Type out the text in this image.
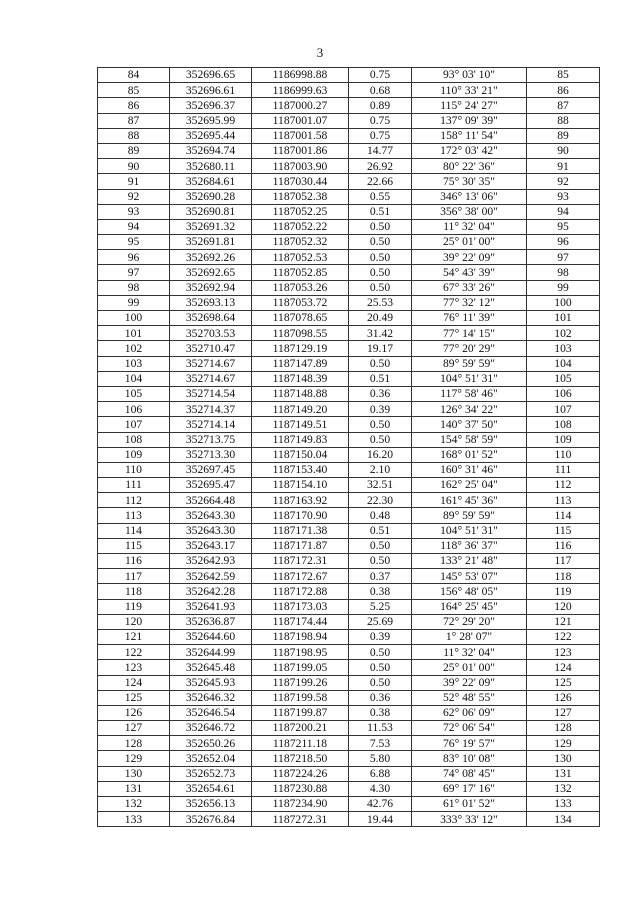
3
84	352696.65	1186998.88	0.75	93° 03' 10"	85
85	352696.61	1186999.63	0.68	110° 33' 21"	86
86	352696.37	1187000.27	0.89	115° 24' 27"	87
87	352695.99	1187001.07	0.75	137° 09' 39"	88
88	352695.44	1187001.58	0.75	158° 11' 54"	89
89	352694.74	1187001.86	14.77	172° 03' 42"	90
90	352680.11	1187003.90	26.92	80° 22' 36"	91
91	352684.61	1187030.44	22.66	75° 30' 35"	92
92	352690.28	1187052.38	0.55	346° 13' 06"	93
93	352690.81	1187052.25	0.51	356° 38' 00"	94
94	352691.32	1187052.22	0.50	11° 32' 04"	95
95	352691.81	1187052.32	0.50	25° 01' 00"	96
96	352692.26	1187052.53	0.50	39° 22' 09"	97
97	352692.65	1187052.85	0.50	54° 43' 39"	98
98	352692.94	1187053.26	0.50	67° 33' 26"	99
99	352693.13	1187053.72	25.53	77° 32' 12"	100
100	352698.64	1187078.65	20.49	76° 11' 39"	101
101	352703.53	1187098.55	31.42	77° 14' 15"	102
102	352710.47	1187129.19	19.17	77° 20' 29"	103
103	352714.67	1187147.89	0.50	89° 59' 59"	104
104	352714.67	1187148.39	0.51	104° 51' 31"	105
105	352714.54	1187148.88	0.36	117° 58' 46"	106
106	352714.37	1187149.20	0.39	126° 34' 22"	107
107	352714.14	1187149.51	0.50	140° 37' 50"	108
108	352713.75	1187149.83	0.50	154° 58' 59"	109
109	352713.30	1187150.04	16.20	168° 01' 52"	110
110	352697.45	1187153.40	2.10	160° 31' 46"	111
111	352695.47	1187154.10	32.51	162° 25' 04"	112
112	352664.48	1187163.92	22.30	161° 45' 36"	113
113	352643.30	1187170.90	0.48	89° 59' 59"	114
114	352643.30	1187171.38	0.51	104° 51' 31"	115
115	352643.17	1187171.87	0.50	118° 36' 37"	116
116	352642.93	1187172.31	0.50	133° 21' 48"	117
117	352642.59	1187172.67	0.37	145° 53' 07"	118
118	352642.28	1187172.88	0.38	156° 48' 05"	119
119	352641.93	1187173.03	5.25	164° 25' 45"	120
120	352636.87	1187174.44	25.69	72° 29' 20"	121
121	352644.60	1187198.94	0.39	1° 28' 07"	122
122	352644.99	1187198.95	0.50	11° 32' 04"	123
123	352645.48	1187199.05	0.50	25° 01' 00"	124
124	352645.93	1187199.26	0.50	39° 22' 09"	125
125	352646.32	1187199.58	0.36	52° 48' 55"	126
126	352646.54	1187199.87	0.38	62° 06' 09"	127
127	352646.72	1187200.21	11.53	72° 06' 54"	128
128	352650.26	1187211.18	7.53	76° 19' 57"	129
129	352652.04	1187218.50	5.80	83° 10' 08"	130
130	352652.73	1187224.26	6.88	74° 08' 45"	131
131	352654.61	1187230.88	4.30	69° 17' 16"	132
132	352656.13	1187234.90	42.76	61° 01' 52"	133
133	352676.84	1187272.31	19.44	333° 33' 12"	134
